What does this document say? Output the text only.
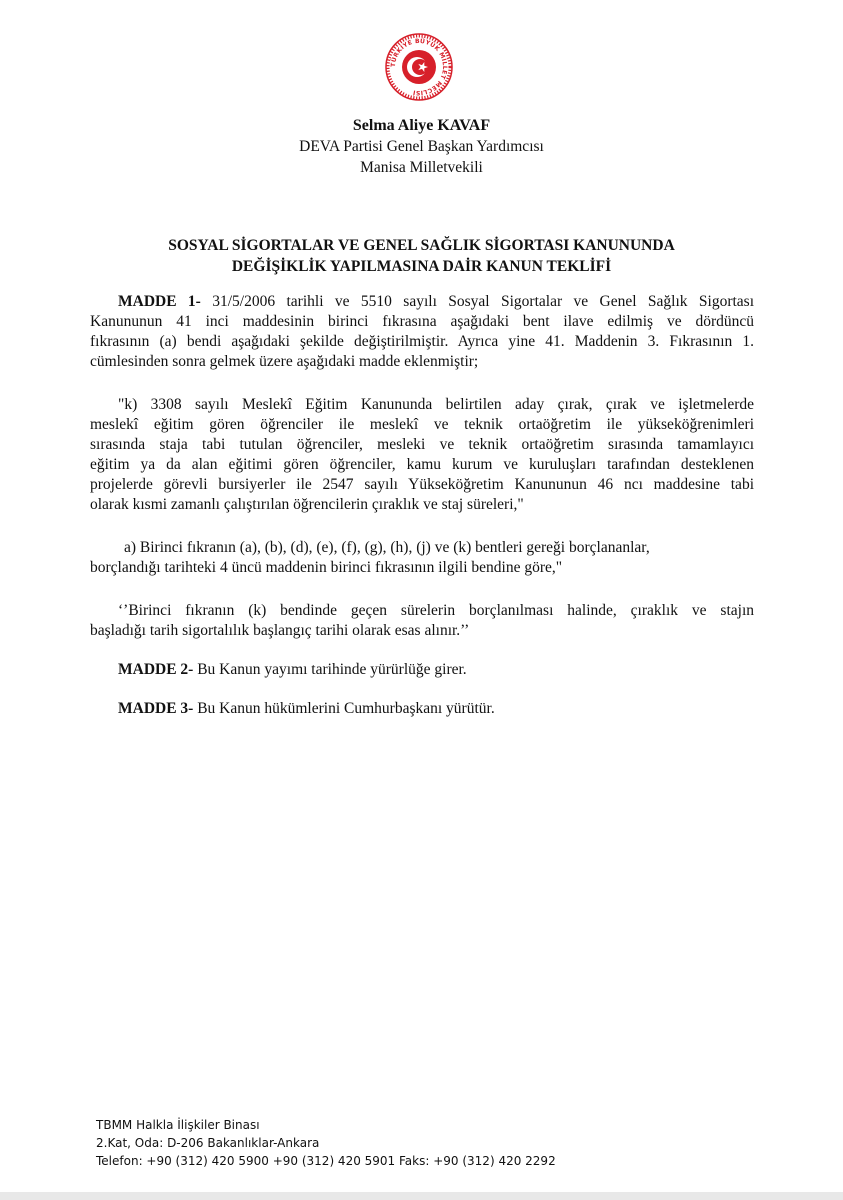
TÜRKİYE BÜYÜK MİLLET MECLİSİ
Selma Aliye KAVAF
DEVA Partisi Genel Başkan Yardımcısı
Manisa Milletvekili
SOSYAL SİGORTALAR VE GENEL SAĞLIK SİGORTASI KANUNUNDA
DEĞİŞİKLİK YAPILMASINA DAİR KANUN TEKLİFİ
MADDE 1- 31/5/2006 tarihli ve 5510 sayılı Sosyal Sigortalar ve Genel Sağlık Sigortası
Kanununun 41 inci maddesinin birinci fıkrasına aşağıdaki bent ilave edilmiş ve dördüncü
fıkrasının (a) bendi aşağıdaki şekilde değiştirilmiştir. Ayrıca yine 41. Maddenin 3. Fıkrasının 1.
cümlesinden sonra gelmek üzere aşağıdaki madde eklenmiştir;
"k) 3308 sayılı Meslekî Eğitim Kanununda belirtilen aday çırak, çırak ve işletmelerde
meslekî eğitim gören öğrenciler ile meslekî ve teknik ortaöğretim ile yükseköğrenimleri
sırasında staja tabi tutulan öğrenciler, mesleki ve teknik ortaöğretim sırasında tamamlayıcı
eğitim ya da alan eğitimi gören öğrenciler, kamu kurum ve kuruluşları tarafından desteklenen
projelerde görevli bursiyerler ile 2547 sayılı Yükseköğretim Kanununun 46 ncı maddesine tabi
olarak kısmi zamanlı çalıştırılan öğrencilerin çıraklık ve staj süreleri,"
a) Birinci fıkranın (a), (b), (d), (e), (f), (g), (h), (j) ve (k) bentleri gereği borçlananlar,
borçlandığı tarihteki 4 üncü maddenin birinci fıkrasının ilgili bendine göre,"
‘’Birinci fıkranın (k) bendinde geçen sürelerin borçlanılması halinde, çıraklık ve stajın
başladığı tarih sigortalılık başlangıç tarihi olarak esas alınır.’’
MADDE 2- Bu Kanun yayımı tarihinde yürürlüğe girer.
MADDE 3- Bu Kanun hükümlerini Cumhurbaşkanı yürütür.
TBMM Halkla İlişkiler Binası
2.Kat, Oda: D-206 Bakanlıklar-Ankara
Telefon: +90 (312) 420 5900 +90 (312) 420 5901 Faks: +90 (312) 420 2292
